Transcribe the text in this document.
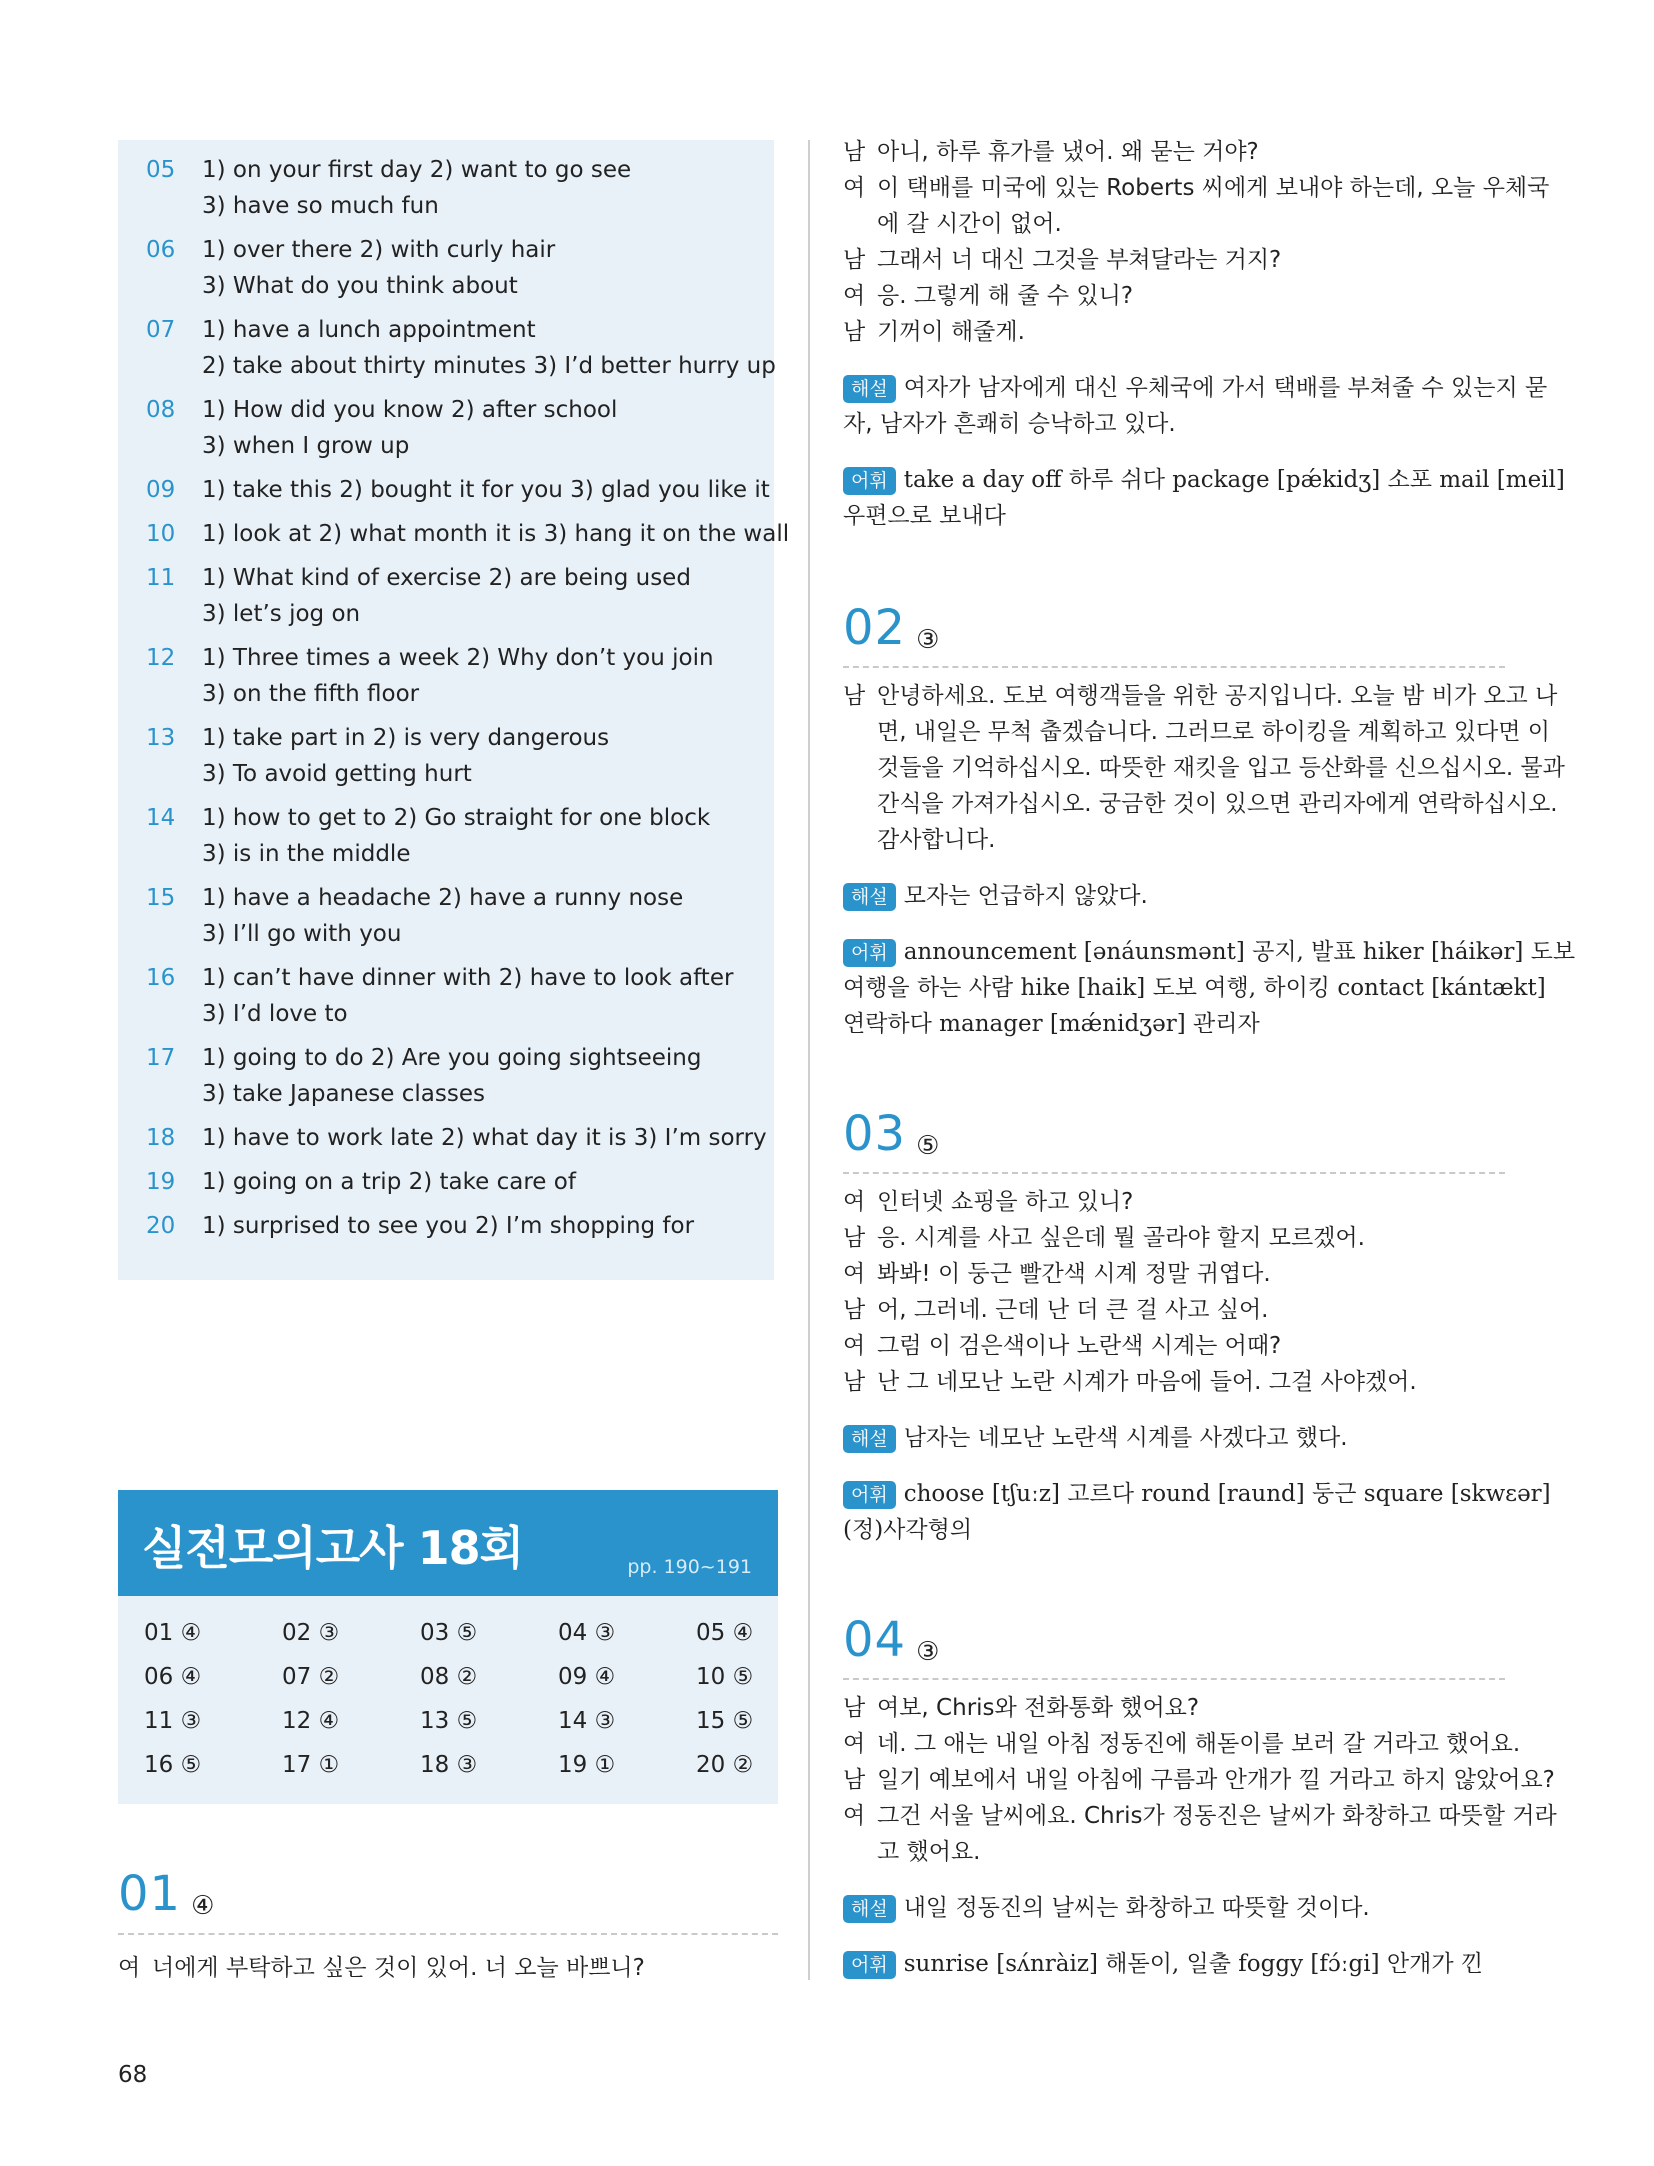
05	1) on your first day 2) want to go see
3) have so much fun
06	1) over there 2) with curly hair
3) What do you think about
07	1) have a lunch appointment
2) take about thirty minutes 3) I’d better hurry up
08	1) How did you know 2) after school
3) when I grow up
09	1) take this 2) bought it for you 3) glad you like it
10	1) look at 2) what month it is 3) hang it on the wall
11	1) What kind of exercise 2) are being used
3) let’s jog on
12	1) Three times a week 2) Why don’t you join
3) on the fifth floor
13	1) take part in 2) is very dangerous
3) To avoid getting hurt
14	1) how to get to 2) Go straight for one block
3) is in the middle
15	1) have a headache 2) have a runny nose
3) I’ll go with you
16	1) can’t have dinner with 2) have to look after
3) I’d love to
17	1) going to do 2) Are you going sightseeing
3) take Japanese classes
18	1) have to work late 2) what day it is 3) I’m sorry
19	1) going on a trip 2) take care of
20	1) surprised to see you 2) I’m shopping for
실전모의고사 18회	pp. 190~191
01 ④	02 ③	03 ⑤	04 ③	05 ④
06 ④	07 ②	08 ②	09 ④	10 ⑤
11 ③	12 ④	13 ⑤	14 ③	15 ⑤
16 ⑤	17 ①	18 ③	19 ①	20 ②
01 ④
여 너에게 부탁하고 싶은 것이 있어. 너 오늘 바쁘니?
남 아니, 하루 휴가를 냈어. 왜 묻는 거야?
여 이 택배를 미국에 있는 Roberts 씨에게 보내야 하는데, 오늘 우체국
에 갈 시간이 없어.
남 그래서 너 대신 그것을 부쳐달라는 거지?
여 응. 그렇게 해 줄 수 있니?
남 기꺼이 해줄게.
해설 여자가 남자에게 대신 우체국에 가서 택배를 부쳐줄 수 있는지 묻
자, 남자가 흔쾌히 승낙하고 있다.
어휘 take a day off 하루 쉬다 package [pǽkidʒ] 소포 mail [meil]
우편으로 보내다
02 ③
남 안녕하세요. 도보 여행객들을 위한 공지입니다. 오늘 밤 비가 오고 나
면, 내일은 무척 춥겠습니다. 그러므로 하이킹을 계획하고 있다면 이
것들을 기억하십시오. 따뜻한 재킷을 입고 등산화를 신으십시오. 물과
간식을 가져가십시오. 궁금한 것이 있으면 관리자에게 연락하십시오.
감사합니다.
해설 모자는 언급하지 않았다.
어휘 announcement [ənáunsmənt] 공지, 발표 hiker [háikər] 도보
여행을 하는 사람 hike [haik] 도보 여행, 하이킹 contact [kántækt]
연락하다 manager [mǽnidʒər] 관리자
03 ⑤
여 인터넷 쇼핑을 하고 있니?
남 응. 시계를 사고 싶은데 뭘 골라야 할지 모르겠어.
여 봐봐! 이 둥근 빨간색 시계 정말 귀엽다.
남 어, 그러네. 근데 난 더 큰 걸 사고 싶어.
여 그럼 이 검은색이나 노란색 시계는 어때?
남 난 그 네모난 노란 시계가 마음에 들어. 그걸 사야겠어.
해설 남자는 네모난 노란색 시계를 사겠다고 했다.
어휘 choose [tʃuːz] 고르다 round [raund] 둥근 square [skwεər]
(정)사각형의
04 ③
남 여보, Chris와 전화통화 했어요?
여 네. 그 애는 내일 아침 정동진에 해돋이를 보러 갈 거라고 했어요.
남 일기 예보에서 내일 아침에 구름과 안개가 낄 거라고 하지 않았어요?
여 그건 서울 날씨에요. Chris가 정동진은 날씨가 화창하고 따뜻할 거라
고 했어요.
해설 내일 정동진의 날씨는 화창하고 따뜻할 것이다.
어휘 sunrise [sʌ́nràiz] 해돋이, 일출 foggy [fɔ́ːgi] 안개가 낀
68
